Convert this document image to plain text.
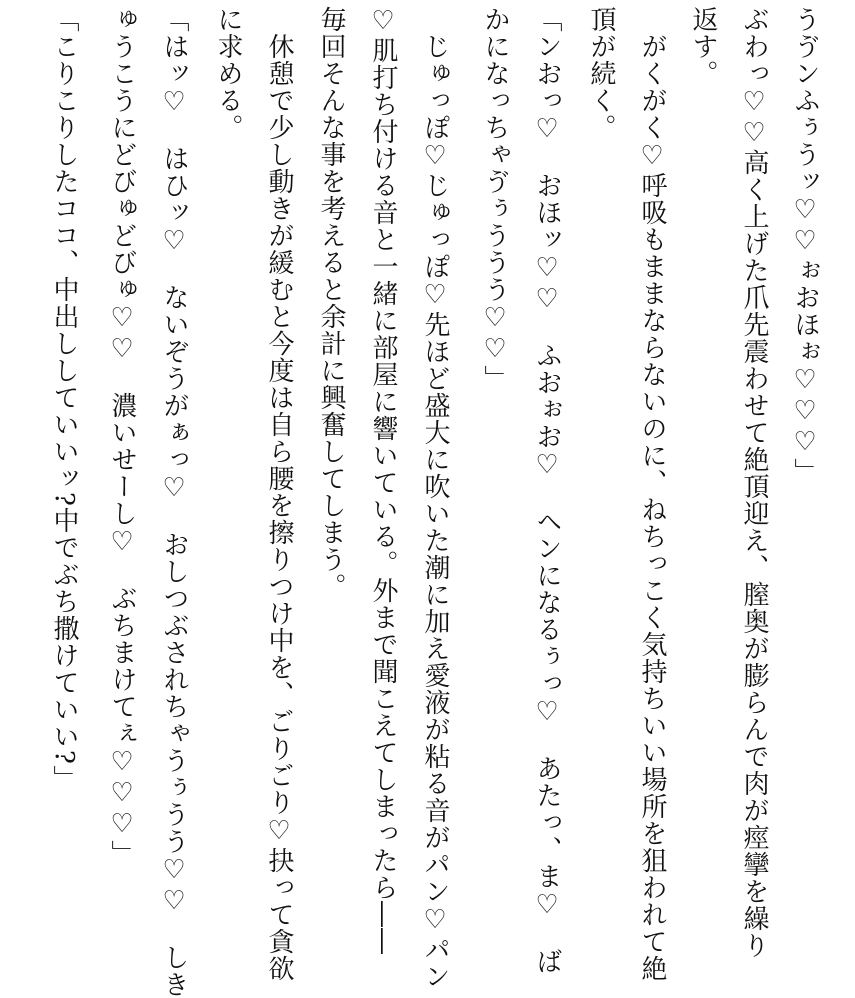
うゔンふぅうッ♡♡ぉおほぉ♡♡♡」
ぶわっ♡♡高く上げた爪先震わせて絶頂迎え、膣奥が膨らんで肉が痙攣を繰り
返す。
　がくがく♡呼吸もままならないのに、ねちっこく気持ちいい場所を狙われて絶
頂が続く。
「ンおっ♡　おほッ♡♡　ふおぉお♡　ヘンになるぅっ♡　あたっ、ま♡　ば
かになっちゃゔぅううう♡♡」
　じゅっぽ♡じゅっぽ♡先ほど盛大に吹いた潮に加え愛液が粘る音がパン♡パン
♡肌打ち付ける音と一緒に部屋に響いている。外まで聞こえてしまったら――
毎回そんな事を考えると余計に興奮してしまう。
　休憩で少し動きが緩むと今度は自ら腰を擦りつけ中を、ごりごり♡抉って貪欲
に求める。
「はッ♡　はひッ♡　ないぞうがぁっ♡　おしつぶされちゃうぅうう♡♡　しき
ゅうこうにどびゅどびゅ♡♡　濃いせーし♡　ぶちまけてぇ♡♡♡」
「こりこりしたココ、中出ししていいッ?中でぶち撒けていい?」
